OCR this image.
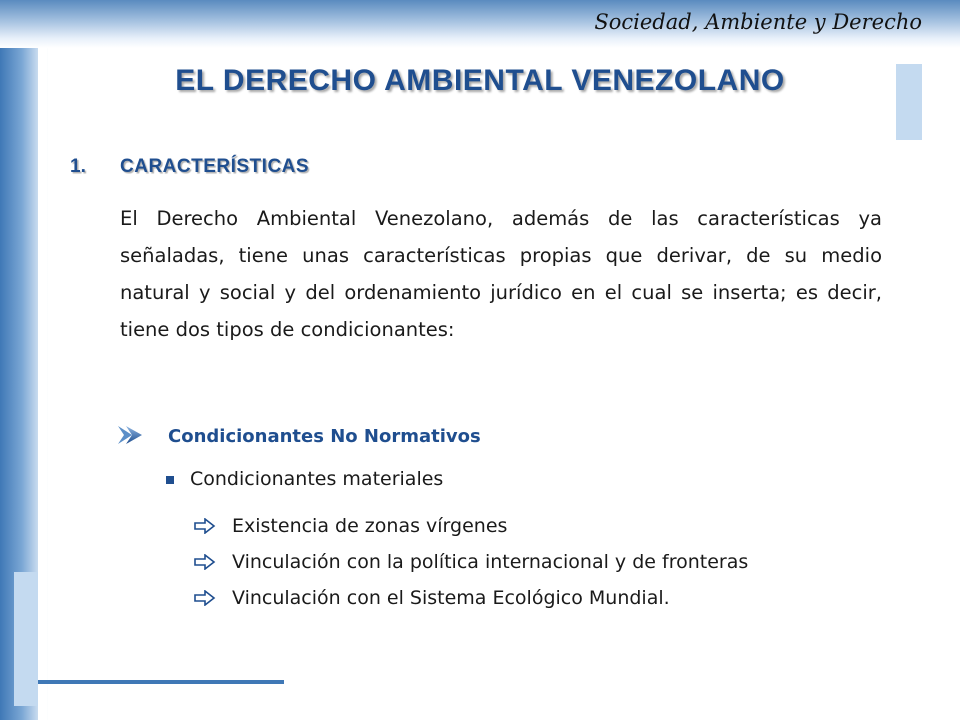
Sociedad, Ambiente y Derecho
EL DERECHO AMBIENTAL VENEZOLANO
1. CARACTERÍSTICAS
El Derecho Ambiental Venezolano, además de las características ya señaladas, tiene unas características propias que derivar, de su medio natural y social y del ordenamiento jurídico en el cual se inserta; es decir, tiene dos tipos de condicionantes:
Condicionantes No Normativos
Condicionantes materiales
Existencia de zonas vírgenes
Vinculación con la política internacional y de fronteras
Vinculación con el Sistema Ecológico Mundial.
